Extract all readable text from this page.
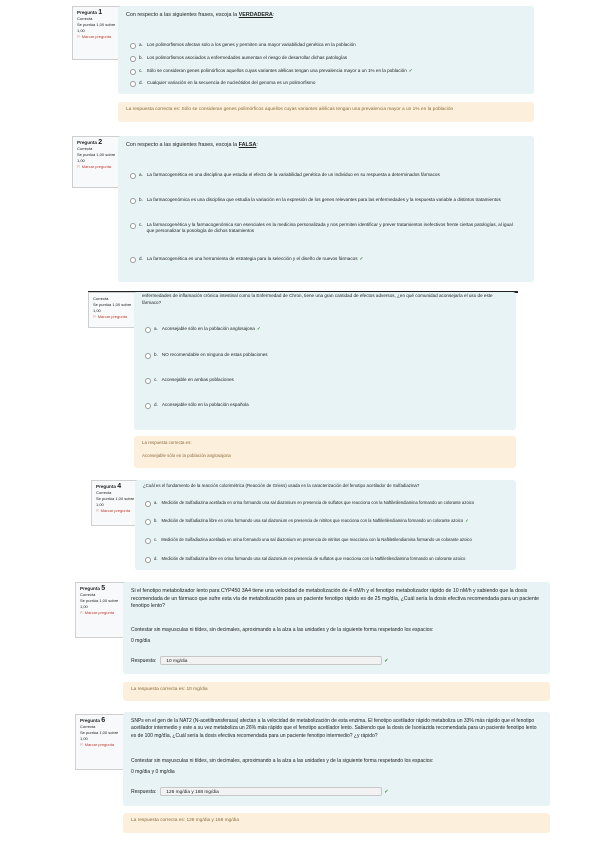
Pregunta 1
Correcta
Se puntúa 1,00 sobre 1,00
⚐ Marcar pregunta

Con respecto a las siguientes frases, escoja la VERDADERA:

a. Los polimorfismos afectan solo a los genes y permiten una mayor variabilidad genética en la población
b. Los polimorfismos asociados a enfermedades aumentan el riesgo de desarrollar dichas patologías
c. Sólo se consideran genes polimórficos aquellos cuyas variantes alélicas tengan una prevalencia mayor a un 1% en la población ✓
d. Cualquier variación en la secuencia de nucleótidos del genoma es un polimorfismo
La respuesta correcta es: Sólo se consideran genes polimórficos aquellos cuyas variantes alélicas tengan una prevalencia mayor a un 1% en la población
Pregunta 2
Correcta
Se puntúa 1,00 sobre 1,00
⚐ Marcar pregunta

Con respecto a las siguientes frases, escoja la FALSA:

a. La farmacogenética es una disciplina que estudia el efecto de la variabilidad genética de un individuo en su respuesta a determinados fármacos
b. La farmacogenómica es una disciplina que estudia la variación en la expresión de los genes relevantes para las enfermedades y la respuesta variable a distintos tratamientos
c. La farmacogenética y la farmacogenómica son esenciales en la medicina personalizada y nos permiten identificar y prever tratamientos inefectivos frente ciertas patologías, al igual que personalizar la posología de dichos tratamientos
d. La farmacogenética es una herramienta de estrategia para la selección y el diseño de nuevos fármacos ✓
Correcta
Se puntúa 1,00 sobre 1,00
⚐ Marcar pregunta

enfermedades de inflamación crónica intestinal como la Enfermedad de Chron, tiene una gran cantidad de efectos adversos, ¿en qué comunidad aconsejaría el uso de este fármaco?

a. Aconsejable sólo en la población anglosajona ✓
b. NO recomendable en ninguna de estas poblaciones
c. Aconsejable en ambas poblaciones
d. Aconsejable sólo en la población española
La respuesta correcta es:
Aconsejable sólo en la población anglosajona
Pregunta 4
Correcta
Se puntúa 1,00 sobre 1,00
⚐ Marcar pregunta

¿Cuál es el fundamento de la reacción colorimétrica (Reacción de Griess) usada en la caracterización del fenotipo acetilador de Sulfadiazina?

a. Medición de Sulfadiazina acetilada en orina formando una sal diazonium en presencia de sulfatos que reacciona con la Naftiletilendiamina formando un colorante azoico
b. Medición de Sulfadiazina libre en orina formando una sal diazonium en presencia de nitritos que reacciona con la Naftiletilendiamina formando un colorante azoico ✓
c. Medición de Sulfadiazina acetilada en orina formando una sal diazonium en presencia de nitritos que reacciona con la Naftiletilendiamina formando un colorante azoico
d. Medición de Sulfadiazina libre en orina formando una sal diazonium en presencia de sulfatos que reacciona con la Naftiletilendiamina formando un colorante azoico
Pregunta 5
Correcta
Se puntúa 1,00 sobre 1,00
⚐ Marcar pregunta

Si el fenotipo metabolizador lento para CYP450 3A4 tiene una velocidad de metabolización de 4 nM/h y el fenotipo metabolizador rápido de 10 nM/h y sabiendo que la dosis recomendada de un fármaco que sufre esta vía de metabolización para un paciente fenotipo rápido es de 25 mg/día, ¿Cuál sería la dosis efectiva recomendada para un paciente fenotipo lento?

Contestar sin mayusculas ni tildes, sin decimales, aproximando a la alza a las unidades y de la siguiente forma respetando los espacios:
0 mg/dia
Respuesta:	10 mg/dia	✓
La respuesta correcta es: 10 mg/dia
Pregunta 6
Correcta
Se puntúa 1,00 sobre 1,00
⚐ Marcar pregunta

SNPs en el gen de la NAT2 (N-acetiltransferasa) afectan a la velocidad de metabolización de esta enzima. El fenotipo acetilador rápido metaboliza un 33% más rápido que el fenotipo acetilador intermedio y este a su vez metaboliza un 26% más rápido que el fenotipo acetilador lento. Sabiendo que la dosis de Isoniazida recomendada para un paciente fenotipo lento es de 100 mg/día, ¿Cuál sería la dosis efectiva recomendada para un paciente fenotipo intermedio? ¿y rápido?

Contestar sin mayusculas ni tildes, sin decimales, aproximando a la alza a las unidades y de la siguiente forma respetando los espacios:
0 mg/dia y 0 mg/dia
Respuesta:	126 mg/dia y 168 mg/dia	✓
La respuesta correcta es: 126 mg/dia y 168 mg/dia
